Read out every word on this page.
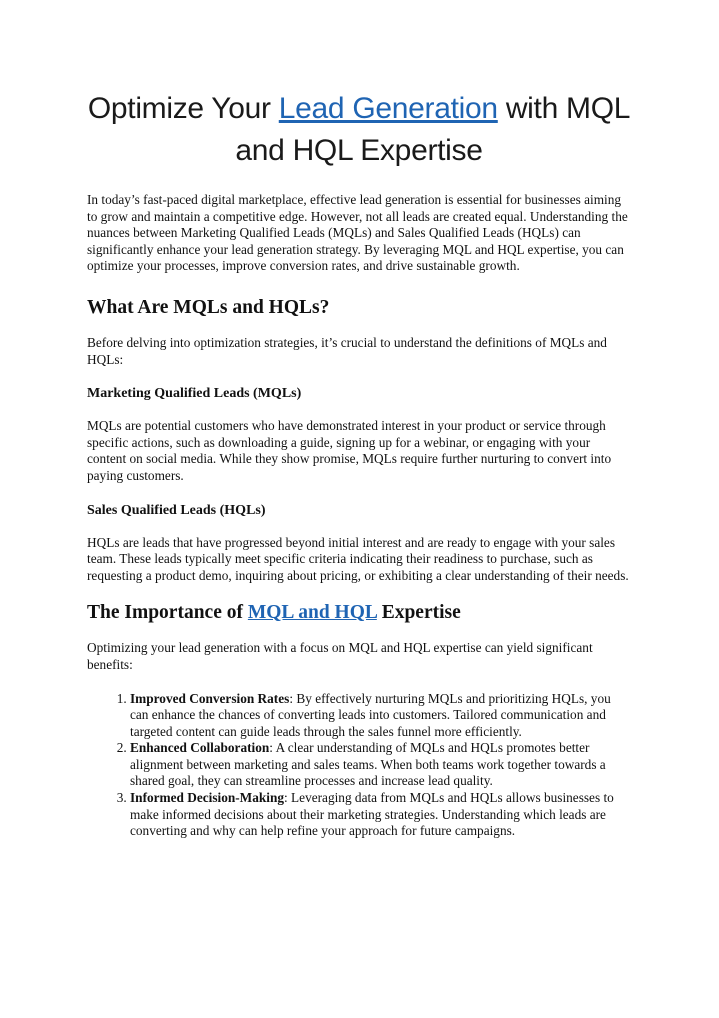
Optimize Your Lead Generation with MQL and HQL Expertise

In today’s fast-paced digital marketplace, effective lead generation is essential for businesses aiming to grow and maintain a competitive edge. However, not all leads are created equal. Understanding the nuances between Marketing Qualified Leads (MQLs) and Sales Qualified Leads (HQLs) can significantly enhance your lead generation strategy. By leveraging MQL and HQL expertise, you can optimize your processes, improve conversion rates, and drive sustainable growth.

What Are MQLs and HQLs?

Before delving into optimization strategies, it’s crucial to understand the definitions of MQLs and HQLs:

Marketing Qualified Leads (MQLs)

MQLs are potential customers who have demonstrated interest in your product or service through specific actions, such as downloading a guide, signing up for a webinar, or engaging with your content on social media. While they show promise, MQLs require further nurturing to convert into paying customers.

Sales Qualified Leads (HQLs)

HQLs are leads that have progressed beyond initial interest and are ready to engage with your sales team. These leads typically meet specific criteria indicating their readiness to purchase, such as requesting a product demo, inquiring about pricing, or exhibiting a clear understanding of their needs.

The Importance of MQL and HQL Expertise

Optimizing your lead generation with a focus on MQL and HQL expertise can yield significant benefits:

1. Improved Conversion Rates: By effectively nurturing MQLs and prioritizing HQLs, you can enhance the chances of converting leads into customers. Tailored communication and targeted content can guide leads through the sales funnel more efficiently.
2. Enhanced Collaboration: A clear understanding of MQLs and HQLs promotes better alignment between marketing and sales teams. When both teams work together towards a shared goal, they can streamline processes and increase lead quality.
3. Informed Decision-Making: Leveraging data from MQLs and HQLs allows businesses to make informed decisions about their marketing strategies. Understanding which leads are converting and why can help refine your approach for future campaigns.
